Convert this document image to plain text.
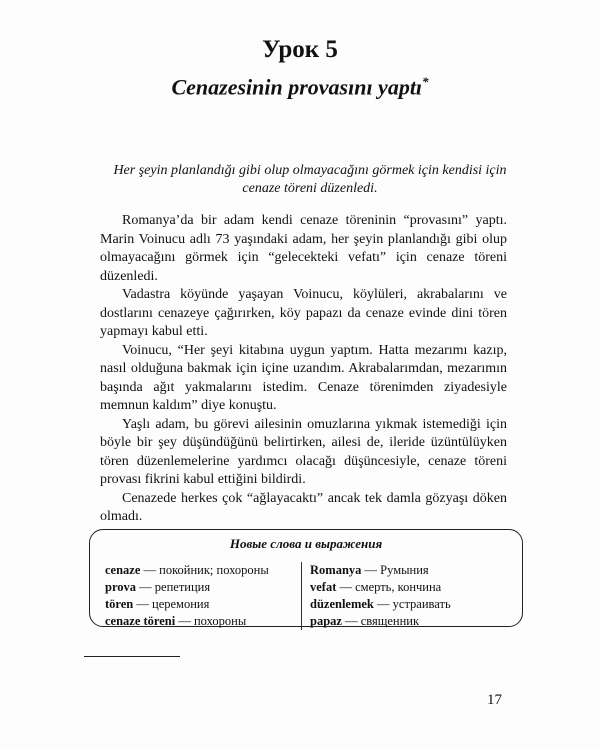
Урок 5
Cenazesinin provasını yaptı*
Her şeyin planlandığı gibi olup olmayacağını görmek için kendisi için cenaze töreni düzenledi.

Romanya’da bir adam kendi cenaze töreninin “provasını” yaptı. Marin Voinucu adlı 73 yaşındaki adam, her şeyin planlandığı gibi olup olmayacağını görmek için “gelecekteki vefatı” için cenaze töreni düzenledi.

Vadastra köyünde yaşayan Voinucu, köylüleri, akrabalarını ve dostlarını cenazeye çağırırken, köy papazı da cenaze evinde dini tören yapmayı kabul etti.

Voinucu, “Her şeyi kitabına uygun yaptım. Hatta mezarımı kazıp, nasıl olduğuna bakmak için içine uzandım. Akrabalarımdan, mezarımın başında ağıt yakmalarını istedim. Cenaze törenimden ziyadesiyle memnun kaldım” diye konuştu.

Yaşlı adam, bu görevi ailesinin omuzlarına yıkmak istemediği için böyle bir şey düşündüğünü belirtirken, ailesi de, ileride üzüntülüyken tören düzenlemelerine yardımcı olacağı düşüncesiyle, cenaze töreni provası fikrini kabul ettiğini bildirdi.

Cenazede herkes çok “ağlayacaktı” ancak tek damla gözyaşı döken olmadı.

Новые слова и выражения
cenaze — покойник; похороны
prova — репетиция
tören — церемония
cenaze töreni — похороны
Romanya — Румыния
vefat — смерть, кончина
düzenlemek — устраивать
papaz — священник
17
